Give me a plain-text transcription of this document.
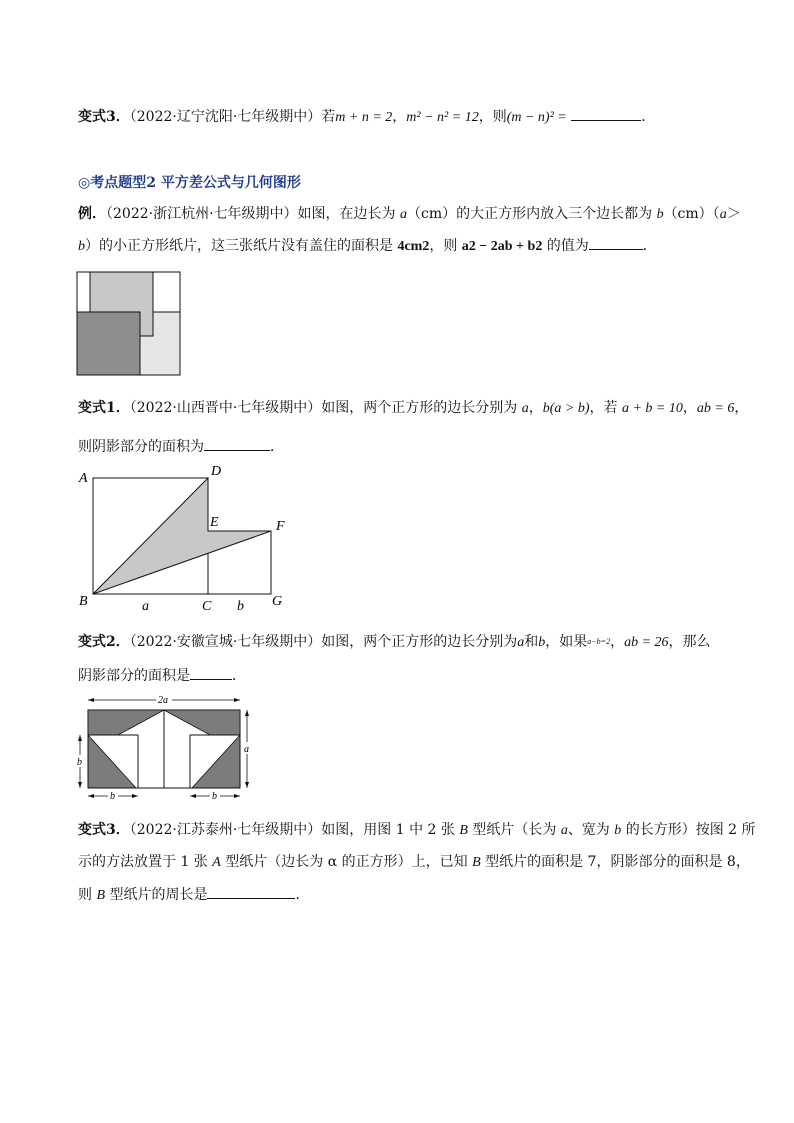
变式3．（2022·辽宁沈阳·七年级期中）若m + n = 2，m² − n² = 12，则(m − n)² =	．
◎考点题型2 平方差公式与几何图形
例．（2022·浙江杭州·七年级期中）如图，在边长为 a（cm）的大正方形内放入三个边长都为 b（cm）（a＞
b）的小正方形纸片，这三张纸片没有盖住的面积是 4cm2，则 a2 − 2ab + b2 的值为	．
变式1．（2022·山西晋中·七年级期中）如图，两个正方形的边长分别为 a，b(a > b)，若 a + b = 10，ab = 6，
则阴影部分的面积为	．
A	D
E	F
B	C	G
a	b
变式2．（2022·安徽宣城·七年级期中）如图，两个正方形的边长分别为a和b，如果a−b=2，ab = 26，那么
阴影部分的面积是	．
2a
a
b
b	b
变式3．（2022·江苏泰州·七年级期中）如图，用图 1 中 2 张 B 型纸片（长为 a、宽为 b 的长方形）按图 2 所
示的方法放置于 1 张 A 型纸片（边长为 α 的正方形）上，已知 B 型纸片的面积是 7，阴影部分的面积是 8，
则 B 型纸片的周长是	．
